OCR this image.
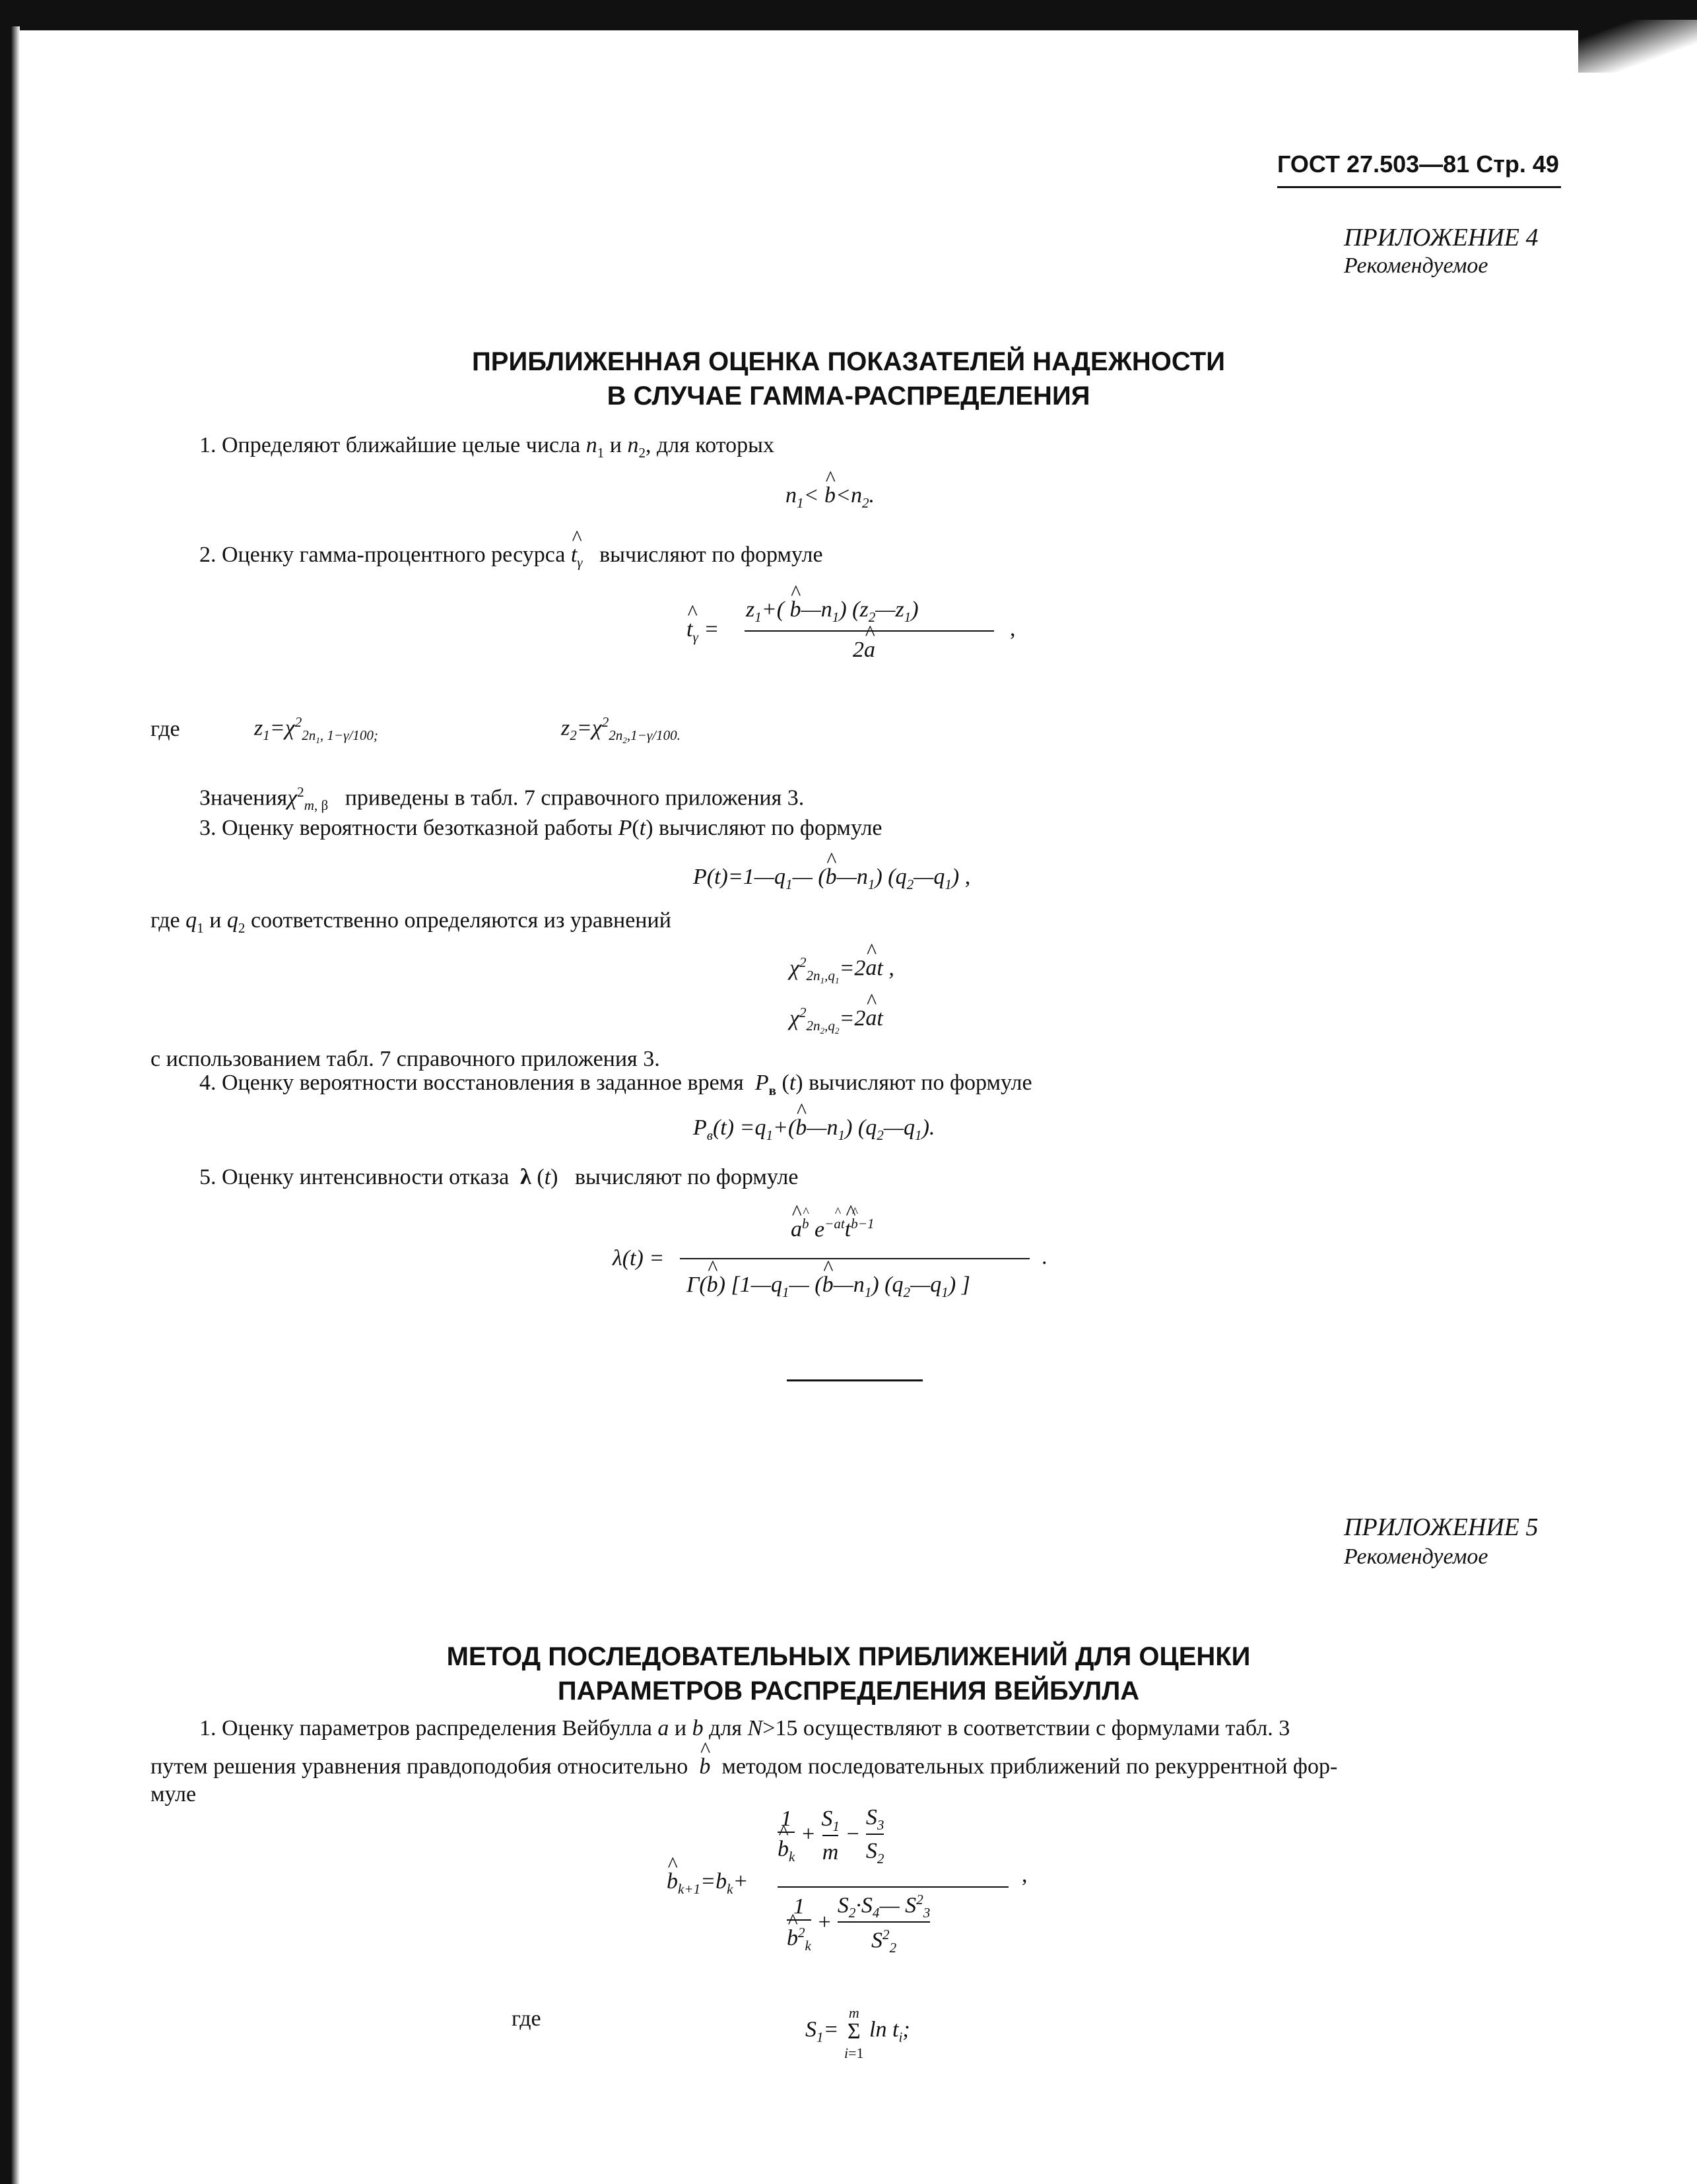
ГОСТ 27.503—81 Стр. 49
ПРИЛОЖЕНИЕ 4
Рекомендуемое
ПРИБЛИЖЕННАЯ ОЦЕНКА ПОКАЗАТЕЛЕЙ НАДЕЖНОСТИ
В СЛУЧАЕ ГАММА-РАСПРЕДЕЛЕНИЯ
1. Определяют ближайшие целые числа $n_1$ и $n_2$, для которых
$n_1<$ ^ $b<n_2$.
2. Оценку гамма-процентного ресурса ^ $t_\gamma$ вычисляют по формуле
^ $t_\gamma$ =
$z_1+$( ^ $b—n_1$) $(z_2—z_1)$
2^ a
,
где	$z_1=\chi^2_{2n_1, 1-\gamma/100;}$	$z_2=\chi^2_{2n_2,1-\gamma/100.}$
Значенияχ$^2_{m, \beta}$ приведены в табл. 7 справочного приложения 3.
3. Оценку вероятности безотказной работы P(t) вычисляют по формуле
$P(t)=1—q_1—$ (^ $b—n_1$) $(q_2—q_1)$ ,
где $q_1$ и $q_2$ соответственно определяются из уравнений
$\chi^2_{2n_1,q_1}=2\^{}$ at ,
$\chi^2_{2n_2,q_2}=2\^{}$ at
с использованием табл. 7 справочного приложения 3.
4. Оценку вероятности восстановления в заданное время $P_в$ (t) вычисляют по формуле
$P_в(t)$ $=q_1+(\^{}$ $b—n_1$) $(q_2—q_1)$.
5. Оценку интенсивности отказа λ (t)   вычисляют по формуле
λ(t) =
^ a^ $^b$ $e^{-\^{} at}\^{}$ t^ $^{b-1}$
Γ(^ b) [$1—q_1—$ (^ $b—n_1$) $(q_2—q_1)$ ]
.
ПРИЛОЖЕНИЕ 5
Рекомендуемое
МЕТОД ПОСЛЕДОВАТЕЛЬНЫХ ПРИБЛИЖЕНИЙ ДЛЯ ОЦЕНКИ
ПАРАМЕТРОВ РАСПРЕДЕЛЕНИЯ ВЕЙБУЛЛА
1. Оценку параметров распределения Вейбулла a и b для N>15 осуществляют в соответствии с формулами табл. 3
путем решения уравнения правдоподобия относительно ^ b методом последовательных приближений по рекуррентной фор-
муле
^ $b_{k+1}=b_k+$
1
^ $b_k + S_1$
$m - S_3$
$S_2$
1
^ $b^2_k$ + $S_2\cdot S_4—$ $S^2_3$
$S^2_2$
,
где	$S_1= m$
Σ
i=1 $\ln t_i$;
